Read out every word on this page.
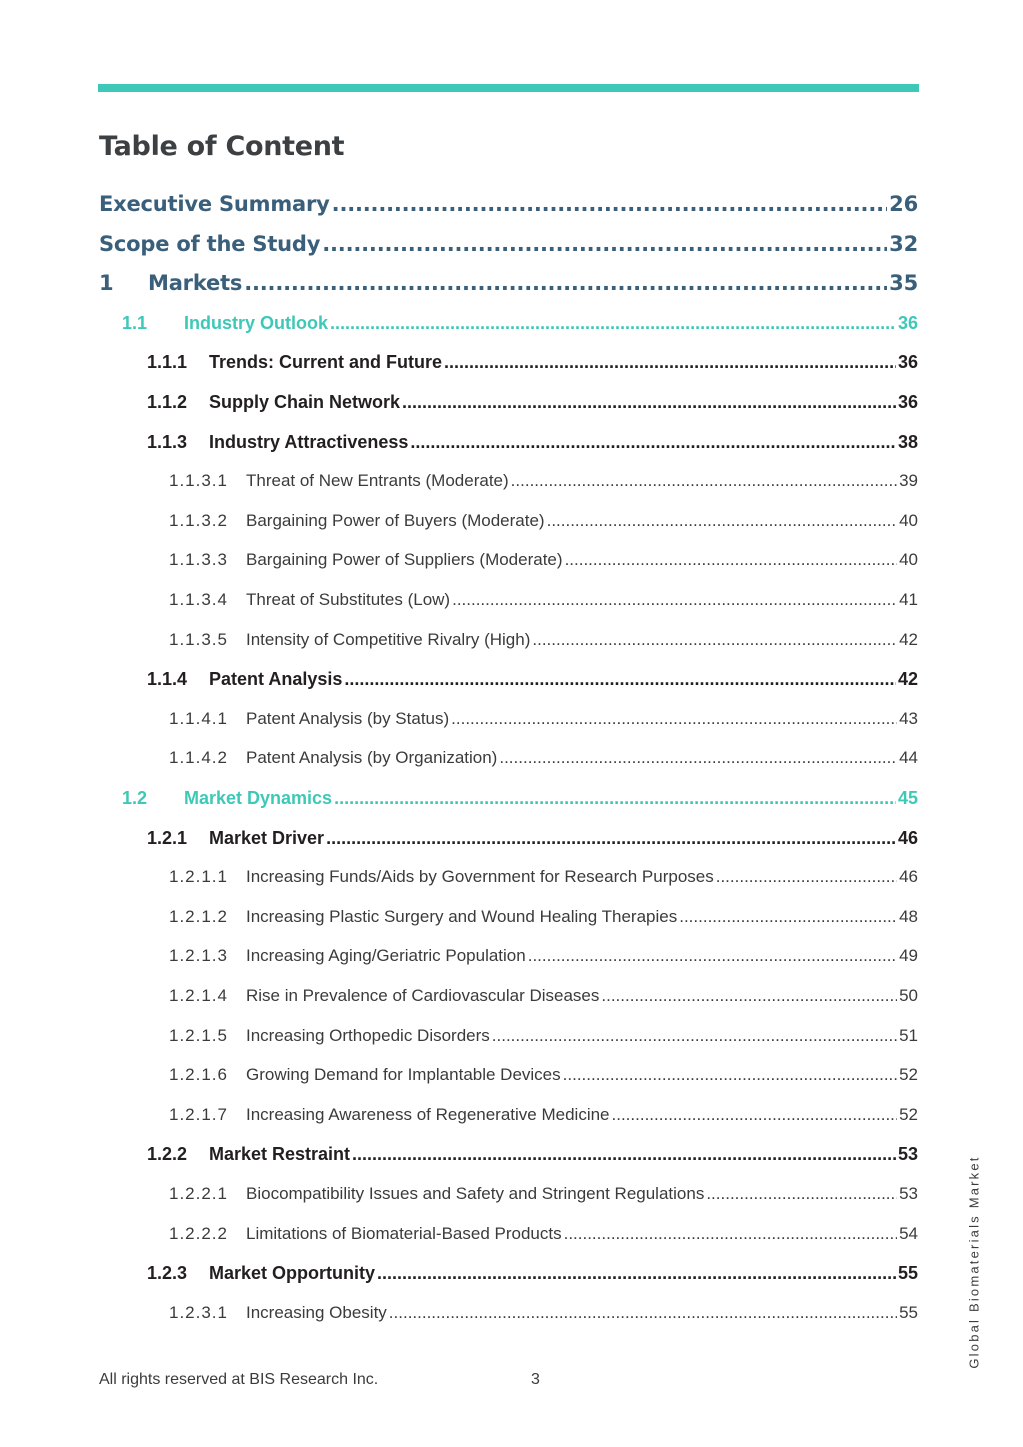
Table of Content
Executive Summary .....	26
Scope of the Study .....	32
1	Markets .....	35
1.1	Industry Outlook .....	36
1.1.1	Trends: Current and Future .....	36
1.1.2	Supply Chain Network .....	36
1.1.3	Industry Attractiveness .....	38
1.1.3.1	Threat of New Entrants (Moderate) .....	39
1.1.3.2	Bargaining Power of Buyers (Moderate) .....	40
1.1.3.3	Bargaining Power of Suppliers (Moderate) .....	40
1.1.3.4	Threat of Substitutes (Low) .....	41
1.1.3.5	Intensity of Competitive Rivalry (High) .....	42
1.1.4	Patent Analysis .....	42
1.1.4.1	Patent Analysis (by Status) .....	43
1.1.4.2	Patent Analysis (by Organization) .....	44
1.2	Market Dynamics .....	45
1.2.1	Market Driver .....	46
1.2.1.1	Increasing Funds/Aids by Government for Research Purposes .....	46
1.2.1.2	Increasing Plastic Surgery and Wound Healing Therapies .....	48
1.2.1.3	Increasing Aging/Geriatric Population .....	49
1.2.1.4	Rise in Prevalence of Cardiovascular Diseases .....	50
1.2.1.5	Increasing Orthopedic Disorders .....	51
1.2.1.6	Growing Demand for Implantable Devices .....	52
1.2.1.7	Increasing Awareness of Regenerative Medicine .....	52
1.2.2	Market Restraint .....	53
1.2.2.1	Biocompatibility Issues and Safety and Stringent Regulations .....	53
1.2.2.2	Limitations of Biomaterial-Based Products .....	54
1.2.3	Market Opportunity .....	55
1.2.3.1	Increasing Obesity .....	55	Global Biomaterials Market
All rights reserved at BIS Research Inc.	3
